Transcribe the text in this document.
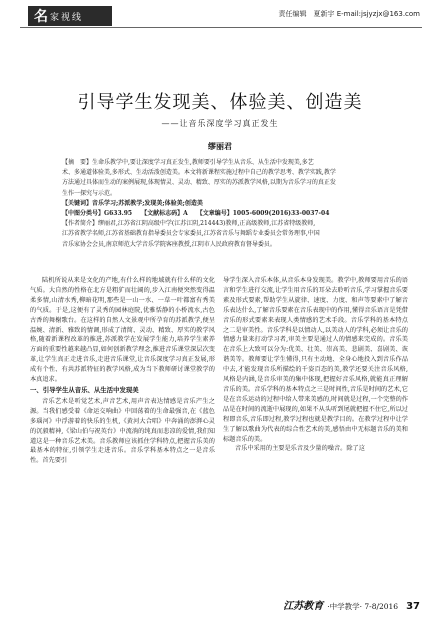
名 家视线	责任编辑　夏新宇 E-mail:jsjyzjx@163.com
引导学生发现美、体验美、创造美
——让音乐深度学习真正发生
缪丽君
【摘　要】生命乐教学中,要让深度学习真正发生,教师要引导学生从音乐、从生活中发现美,多艺
术、多通道体验美,多形式、生动活泼创造美。本文将新课程实施过程中自己的教学思考、教学实践,教学
方法通过具体而生动的案例展现,体现情灵、灵动、精致、厚实的苏派教学风格,以期为音乐学习的真正发
生作一探究与示范。
【关键词】音乐学习;苏派教学;发现美;体验美;创造美
【中图分类号】G633.95　　【文献标志码】A　　【文章编号】1005-6009(2016)33-0037-04
【作者简介】缪丽君,江苏省江阴高级中学(江苏江阴,214443)教师,正高级教师,江苏省特级教师,
江苏省教学名师,江苏省基础教育指导委员会专家委员,江苏省音乐与舞蹈专业委员会常务理事,中国
音乐家协会会员,南京师范大学音乐学院客座教授,江阴市人民政府教育督导委员。

陆机所说从来是文化的产地,有什么样的地域就有什么样的文化气质。大自然的性格在北方是粗犷而壮阔的,步入江南便突然变得温柔多情,山清水秀,柳暗花明,那些是一山一水、一草一叶都富有秀美的气质。于是,这便有了灵秀的园林庭院,优雅恬静的小桥流水,古色古香的舞榭歌台。在这样的自然人文景观中所孕育的苏派教学,便呈温婉、清新、雅致的情调,形成了清简、灵动、精致、厚实的教学风格,随着新课程改革的推进,苏派教学在发展学生能力,培养学生素养方面的重要性越来越凸显,如何创新教学理念,推进音乐课堂深层次变革,让学生真正走进音乐,走进音乐课堂,让音乐深度学习真正发展,形成有个性、有共苏派特征的教学风格,成为当下教师研讨课堂教学的本真追求。

一、引导学生从音乐、从生活中发现美

音乐艺术是听觉艺术,声音艺术,用声音表达情感是音乐产生之源。当我们感受着《命运交响曲》中回荡着的生命最强音,在《蓝色多瑙河》中浮游着的快乐的生机,《黄河大合唱》中奔涌的澎湃心灵的沉毅精神,《梁山伯与祝英台》中流淌的纯真而悲凉的爱情,我们知道这是一种音乐艺术美。音乐教师应该抓住学科特点,把握音乐美的最基本的特征,引领学生走进音乐。音乐学科基本特点之一是音乐性。首先要引

导学生深入音乐本体,从音乐本身发现美。教学中,教师要用音乐的语言和学生进行交流,让学生用音乐的耳朵去聆听音乐,学习掌握音乐要素及形式要素,帮助学生从旋律、速度、力度、和声等要素中了解音乐表达什么,了解音乐要素在音乐表现中的作用,懂得音乐语言是凭借音乐的形式要素来表现人类情感的艺术手段。音乐学科的基本特点之二是审美性。音乐学科是以情动人,以美动人的学科,必须让音乐的情感力量来打动学习者,审美主要是通过人的情感来完成的。音乐美在音乐上大致可以分为:优美、壮美、崇高美、悲剧美、喜剧美、诙谐美等。教师要让学生懂得,只有主动地、全身心地投入到音乐作品中去,才能发现音乐所描绘的千姿百态的美,教学还要关注音乐风格,风格是内涵,是音乐审美的集中体现,把握好音乐风格,就能真正理解音乐的美。音乐学科的基本特点之三是时间性,音乐是时间的艺术,它是在音乐运动的过程中给人带来美感的,时间就是过程,一个完整的作品是在时间的流逝中展现的,如果不从头听到尾就把握不住它,所以过程即音乐,音乐即过程,教学过程也就是教学目的。在教学过程中让学生了解以歌曲为代表的综合性艺术的美,感悟由中无标题音乐的美和标题音乐的美。

音乐中采用的主要是乐音及少量的噪音。除了这

江苏教育 ·中学教学· 7-8/2016 37
